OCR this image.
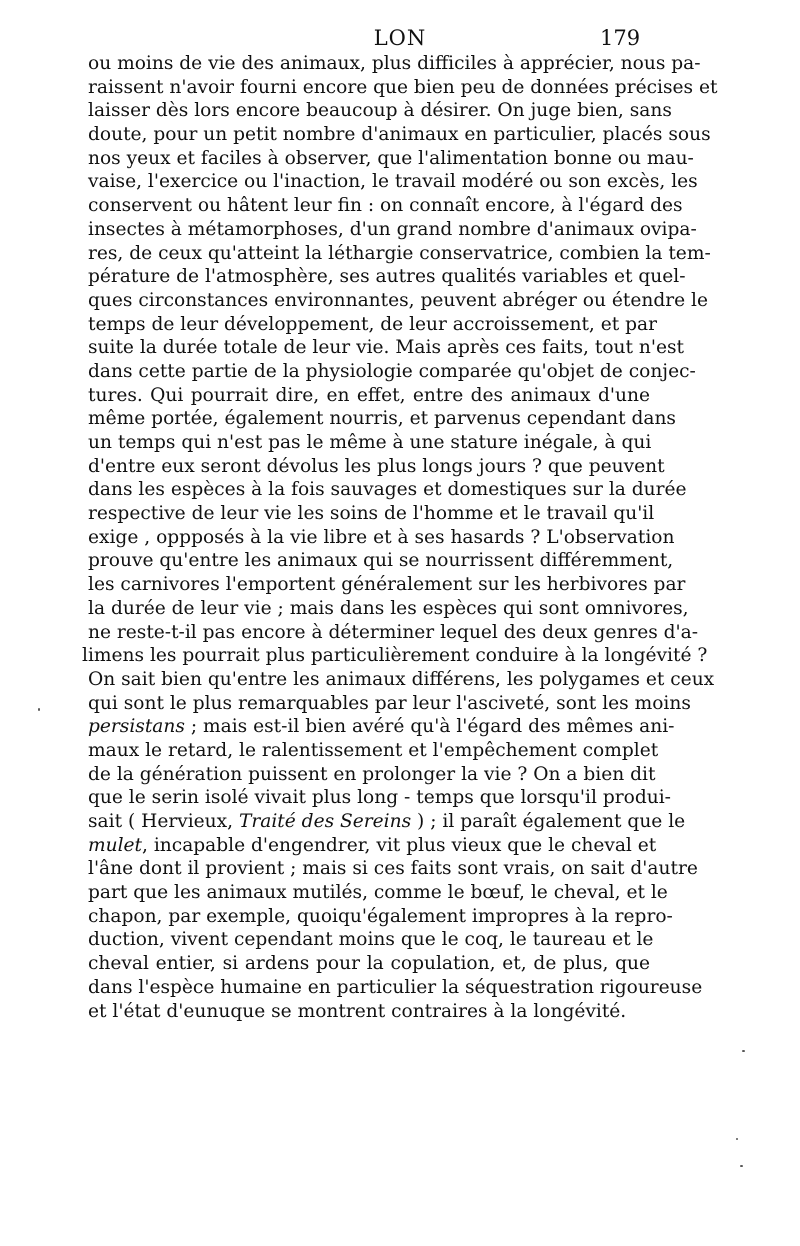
LON	179
ou moins de vie des animaux, plus difficiles à apprécier, nous pa-
raissent n'avoir fourni encore que bien peu de données précises et
laisser dès lors encore beaucoup à désirer. On juge bien, sans
doute, pour un petit nombre d'animaux en particulier, placés sous
nos yeux et faciles à observer, que l'alimentation bonne ou mau-
vaise, l'exercice ou l'inaction, le travail modéré ou son excès, les
conservent ou hâtent leur fin : on connaît encore, à l'égard des
insectes à métamorphoses, d'un grand nombre d'animaux ovipa-
res, de ceux qu'atteint la léthargie conservatrice, combien la tem-
pérature de l'atmosphère, ses autres qualités variables et quel-
ques circonstances environnantes, peuvent abréger ou étendre le
temps de leur développement, de leur accroissement, et par
suite la durée totale de leur vie. Mais après ces faits, tout n'est
dans cette partie de la physiologie comparée qu'objet de conjec-
tures. Qui pourrait dire, en effet, entre des animaux d'une
même portée, également nourris, et parvenus cependant dans
un temps qui n'est pas le même à une stature inégale, à qui
d'entre eux seront dévolus les plus longs jours ? que peuvent
dans les espèces à la fois sauvages et domestiques sur la durée
respective de leur vie les soins de l'homme et le travail qu'il
exige , oppposés à la vie libre et à ses hasards ? L'observation
prouve qu'entre les animaux qui se nourrissent différemment,
les carnivores l'emportent généralement sur les herbivores par
la durée de leur vie ; mais dans les espèces qui sont omnivores,
ne reste-t-il pas encore à déterminer lequel des deux genres d'a-
limens les pourrait plus particulièrement conduire à la longévité ?
On sait bien qu'entre les animaux différens, les polygames et ceux
qui sont le plus remarquables par leur l'asciveté, sont les moins
persistans ; mais est-il bien avéré qu'à l'égard des mêmes ani-
maux le retard, le ralentissement et l'empêchement complet
de la génération puissent en prolonger la vie ? On a bien dit
que le serin isolé vivait plus long - temps que lorsqu'il produi-
sait ( Hervieux, Traité des Sereins ) ; il paraît également que le
mulet, incapable d'engendrer, vit plus vieux que le cheval et
l'âne dont il provient ; mais si ces faits sont vrais, on sait d'autre
part que les animaux mutilés, comme le bœuf, le cheval, et le
chapon, par exemple, quoiqu'également impropres à la repro-
duction, vivent cependant moins que le coq, le taureau et le
cheval entier, si ardens pour la copulation, et, de plus, que
dans l'espèce humaine en particulier la séquestration rigoureuse
et l'état d'eunuque se montrent contraires à la longévité.
